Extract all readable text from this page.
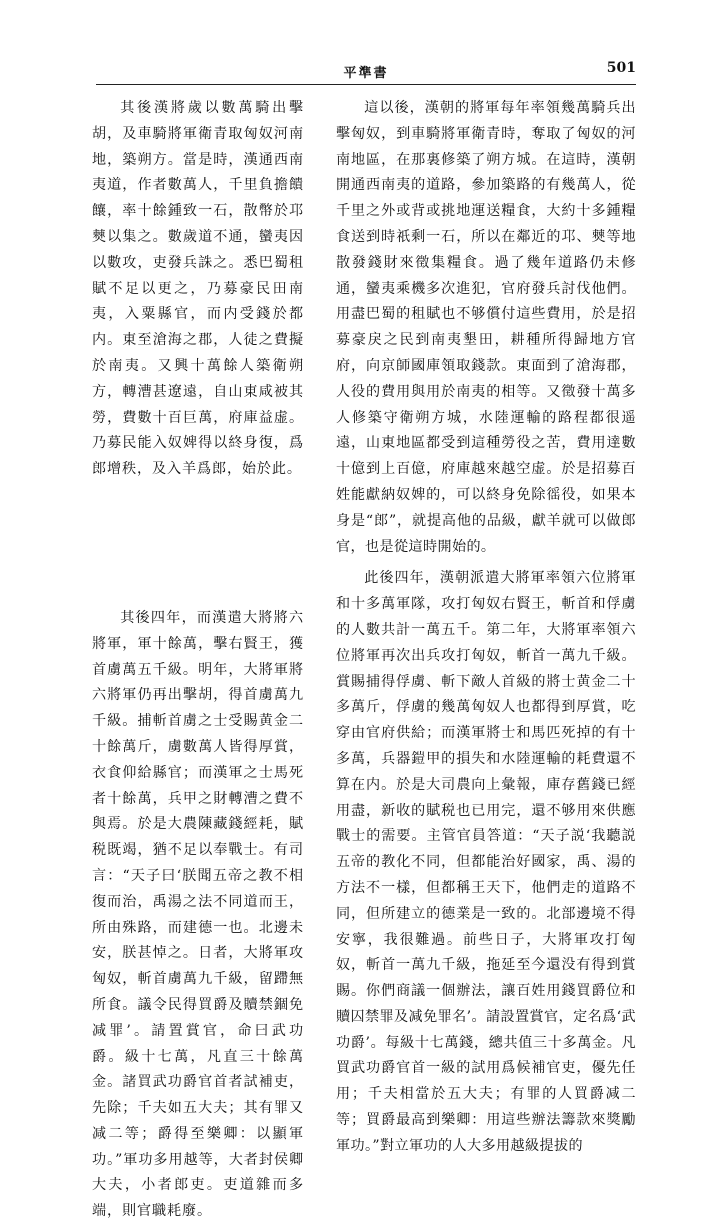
平準書	501

其後漢將歲以數萬騎出擊胡，及車騎將軍衛青取匈奴河南地，築朔方。當是時，漢通西南夷道，作者數萬人，千里負擔饋饟，率十餘鍾致一石，散幣於邛僰以集之。數歲道不通，蠻夷因以數攻，吏發兵誅之。悉巴蜀租賦不足以更之，乃募豪民田南夷，入粟縣官，而内受錢於都内。東至滄海之郡，人徒之費擬於南夷。又興十萬餘人築衛朔方，轉漕甚遼遠，自山東咸被其勞，費數十百巨萬，府庫益虚。乃募民能入奴婢得以終身復，爲郎增秩，及入羊爲郎，始於此。

其後四年，而漢遣大將將六將軍，軍十餘萬，擊右賢王，獲首虜萬五千級。明年，大將軍將六將軍仍再出擊胡，得首虜萬九千級。捕斬首虜之士受賜黄金二十餘萬斤，虜數萬人皆得厚賞，衣食仰給縣官；而漢軍之士馬死者十餘萬，兵甲之財轉漕之費不與焉。於是大農陳藏錢經耗，賦税既竭，猶不足以奉戰士。有司言：“天子曰‘朕聞五帝之教不相復而治，禹湯之法不同道而王，所由殊路，而建德一也。北邊未安，朕甚悼之。日者，大將軍攻匈奴，斬首虜萬九千級，留蹛無所食。議令民得買爵及贖禁錮免减罪’。請置賞官，命曰武功爵。級十七萬，凡直三十餘萬金。諸買武功爵官首者試補吏，先除；千夫如五大夫；其有罪又减二等；爵得至樂卿：以顯軍功。”軍功多用越等，大者封侯卿大夫，小者郎吏。吏道雜而多端，則官職耗廢。

這以後，漢朝的將軍每年率領幾萬騎兵出擊匈奴，到車騎將軍衛青時，奪取了匈奴的河南地區，在那裏修築了朔方城。在這時，漢朝開通西南夷的道路，參加築路的有幾萬人，從千里之外或背或挑地運送糧食，大約十多鍾糧食送到時祇剩一石，所以在鄰近的邛、僰等地散發錢財來徵集糧食。過了幾年道路仍未修通，蠻夷乘機多次進犯，官府發兵討伐他們。用盡巴蜀的租賦也不够償付這些費用，於是招募豪戾之民到南夷墾田，耕種所得歸地方官府，向京師國庫領取錢款。東面到了滄海郡，人役的費用與用於南夷的相等。又徵發十萬多人修築守衛朔方城，水陸運輸的路程都很遥遠，山東地區都受到這種勞役之苦，費用達數十億到上百億，府庫越來越空虚。於是招募百姓能獻納奴婢的，可以終身免除徭役，如果本身是“郎”，就提高他的品級，獻羊就可以做郎官，也是從這時開始的。

此後四年，漢朝派遣大將軍率領六位將軍和十多萬軍隊，攻打匈奴右賢王，斬首和俘虜的人數共計一萬五千。第二年，大將軍率領六位將軍再次出兵攻打匈奴，斬首一萬九千級。賞賜捕得俘虜、斬下敵人首級的將士黄金二十多萬斤，俘虜的幾萬匈奴人也都得到厚賞，吃穿由官府供給；而漢軍將士和馬匹死掉的有十多萬，兵器鎧甲的損失和水陸運輸的耗費還不算在内。於是大司農向上彙報，庫存舊錢已經用盡，新收的賦税也已用完，還不够用來供應戰士的需要。主管官員答道：“天子説‘我聽説五帝的教化不同，但都能治好國家，禹、湯的方法不一樣，但都稱王天下，他們走的道路不同，但所建立的德業是一致的。北部邊境不得安寧，我很難過。前些日子，大將軍攻打匈奴，斬首一萬九千級，拖延至今還没有得到賞賜。你們商議一個辦法，讓百姓用錢買爵位和贖囚禁罪及减免罪名’。請設置賞官，定名爲‘武功爵’。每級十七萬錢，總共值三十多萬金。凡買武功爵官首一級的試用爲候補官吏，優先任用；千夫相當於五大夫；有罪的人買爵减二等；買爵最高到樂卿：用這些辦法籌款來獎勵軍功。”對立軍功的人大多用越級提拔的
